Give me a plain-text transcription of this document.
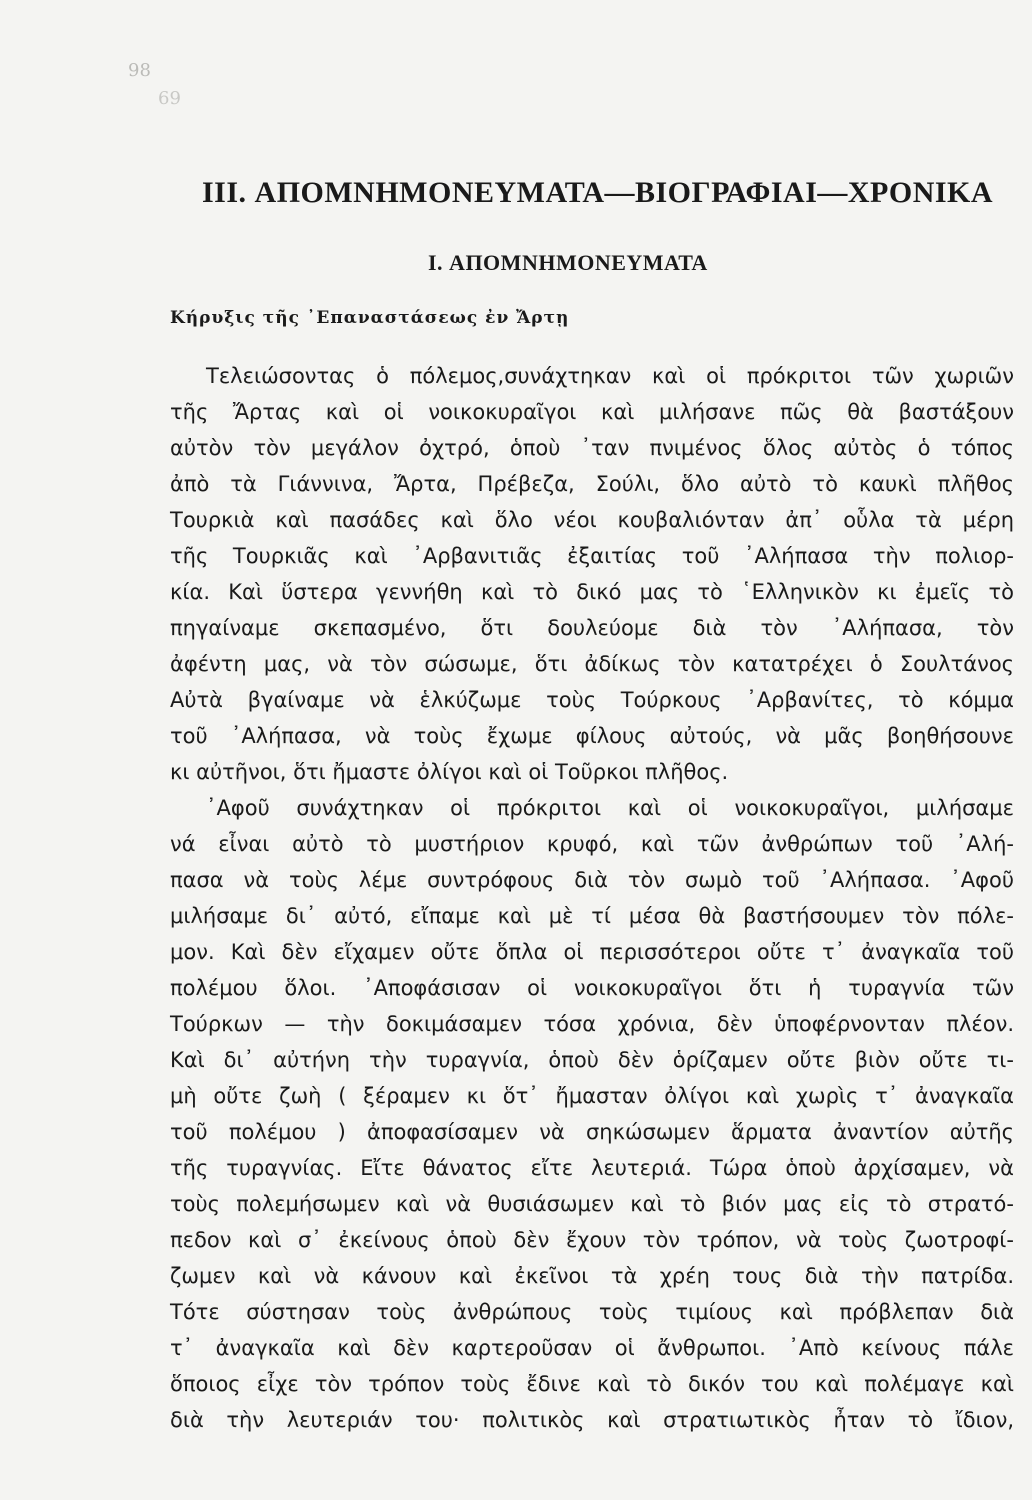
98
69
III. ΑΠΟΜΝΗΜΟΝΕΥΜΑΤΑ—ΒΙΟΓΡΑΦΙΑΙ—ΧΡΟΝΙΚΑ
I. ΑΠΟΜΝΗΜΟΝΕΥΜΑΤΑ
Κήρυξις τῆς ᾽Επαναστάσεως ἐν Ἄρτῃ
Τελειώσοντας ὁ πόλεμος,συνάχτηκαν καὶ οἱ πρόκριτοι τῶν χωριῶν
τῆς Ἄρτας καὶ οἱ νοικοκυραῖγοι καὶ μιλήσανε πῶς θὰ βαστάξουν
αὐτὸν τὸν μεγάλον ὀχτρό, ὁποὺ ᾽ταν πνιμένος ὅλος αὐτὸς ὁ τόπος
ἀπὸ τὰ Γιάννινα, Ἄρτα, Πρέβεζα, Σούλι, ὅλο αὐτὸ τὸ καυκὶ πλῆθος
Τουρκιὰ καὶ πασάδες καὶ ὅλο νέοι κουβαλιόνταν ἀπ᾽ οὗλα τὰ μέρη
τῆς Τουρκιᾶς καὶ ᾽Αρβανιτιᾶς ἐξαιτίας τοῦ ᾽Αλήπασα τὴν πολιορ-
κία. Καὶ ὕστερα γεννήθη καὶ τὸ δικό μας τὸ ῾Ελληνικὸν κι ἐμεῖς τὸ
πηγαίναμε σκεπασμένο, ὅτι δουλεύομε διὰ τὸν ᾽Αλήπασα, τὸν
ἀφέντη μας, νὰ τὸν σώσωμε, ὅτι ἀδίκως τὸν κατατρέχει ὁ Σουλτάνος
Αὐτὰ βγαίναμε νὰ ἑλκύζωμε τοὺς Τούρκους ᾽Αρβανίτες, τὸ κόμμα
τοῦ ᾽Αλήπασα, νὰ τοὺς ἔχωμε φίλους αὐτούς, νὰ μᾶς βοηθήσουνε
κι αὐτῆνοι, ὅτι ἤμαστε ὀλίγοι καὶ οἱ Τοῦρκοι πλῆθος.
᾽Αφοῦ συνάχτηκαν οἱ πρόκριτοι καὶ οἱ νοικοκυραῖγοι, μιλήσαμε
νά εἶναι αὐτὸ τὸ μυστήριον κρυφό, καὶ τῶν ἀνθρώπων τοῦ ᾽Αλή-
πασα νὰ τοὺς λέμε συντρόφους διὰ τὸν σωμὸ τοῦ ᾽Αλήπασα. ᾽Αφοῦ
μιλήσαμε δι᾽ αὐτό, εἴπαμε καὶ μὲ τί μέσα θὰ βαστήσουμεν τὸν πόλε-
μον. Καὶ δὲν εἴχαμεν οὔτε ὅπλα οἱ περισσότεροι οὔτε τ᾽ ἀναγκαῖα τοῦ
πολέμου ὅλοι. ᾽Αποφάσισαν οἱ νοικοκυραῖγοι ὅτι ἡ τυραγνία τῶν
Τούρκων — τὴν δοκιμάσαμεν τόσα χρόνια, δὲν ὑποφέρνονταν πλέον.
Καὶ δι᾽ αὐτήνη τὴν τυραγνία, ὁποὺ δὲν ὁρίζαμεν οὔτε βιὸν οὔτε τι-
μὴ οὔτε ζωὴ ( ξέραμεν κι ὅτ᾽ ἤμασταν ὀλίγοι καὶ χωρὶς τ᾽ ἀναγκαῖα
τοῦ πολέμου ) ἀποφασίσαμεν νὰ σηκώσωμεν ἅρματα ἀναντίον αὐτῆς
τῆς τυραγνίας. Εἴτε θάνατος εἴτε λευτεριά. Τώρα ὁποὺ ἀρχίσαμεν, νὰ
τοὺς πολεμήσωμεν καὶ νὰ θυσιάσωμεν καὶ τὸ βιόν μας εἰς τὸ στρατό-
πεδον καὶ σ᾽ ἐκείνους ὁποὺ δὲν ἔχουν τὸν τρόπον, νὰ τοὺς ζωοτροφί-
ζωμεν καὶ νὰ κάνουν καὶ ἐκεῖνοι τὰ χρέη τους διὰ τὴν πατρίδα.
Τότε σύστησαν τοὺς ἀνθρώπους τοὺς τιμίους καὶ πρόβλεπαν διὰ
τ᾽ ἀναγκαῖα καὶ δὲν καρτεροῦσαν οἱ ἄνθρωποι. ᾽Απὸ κείνους πάλε
ὅποιος εἶχε τὸν τρόπον τοὺς ἔδινε καὶ τὸ δικόν του καὶ πολέμαγε καὶ
διὰ τὴν λευτεριάν του· πολιτικὸς καὶ στρατιωτικὸς ἦταν τὸ ἴδιον,
